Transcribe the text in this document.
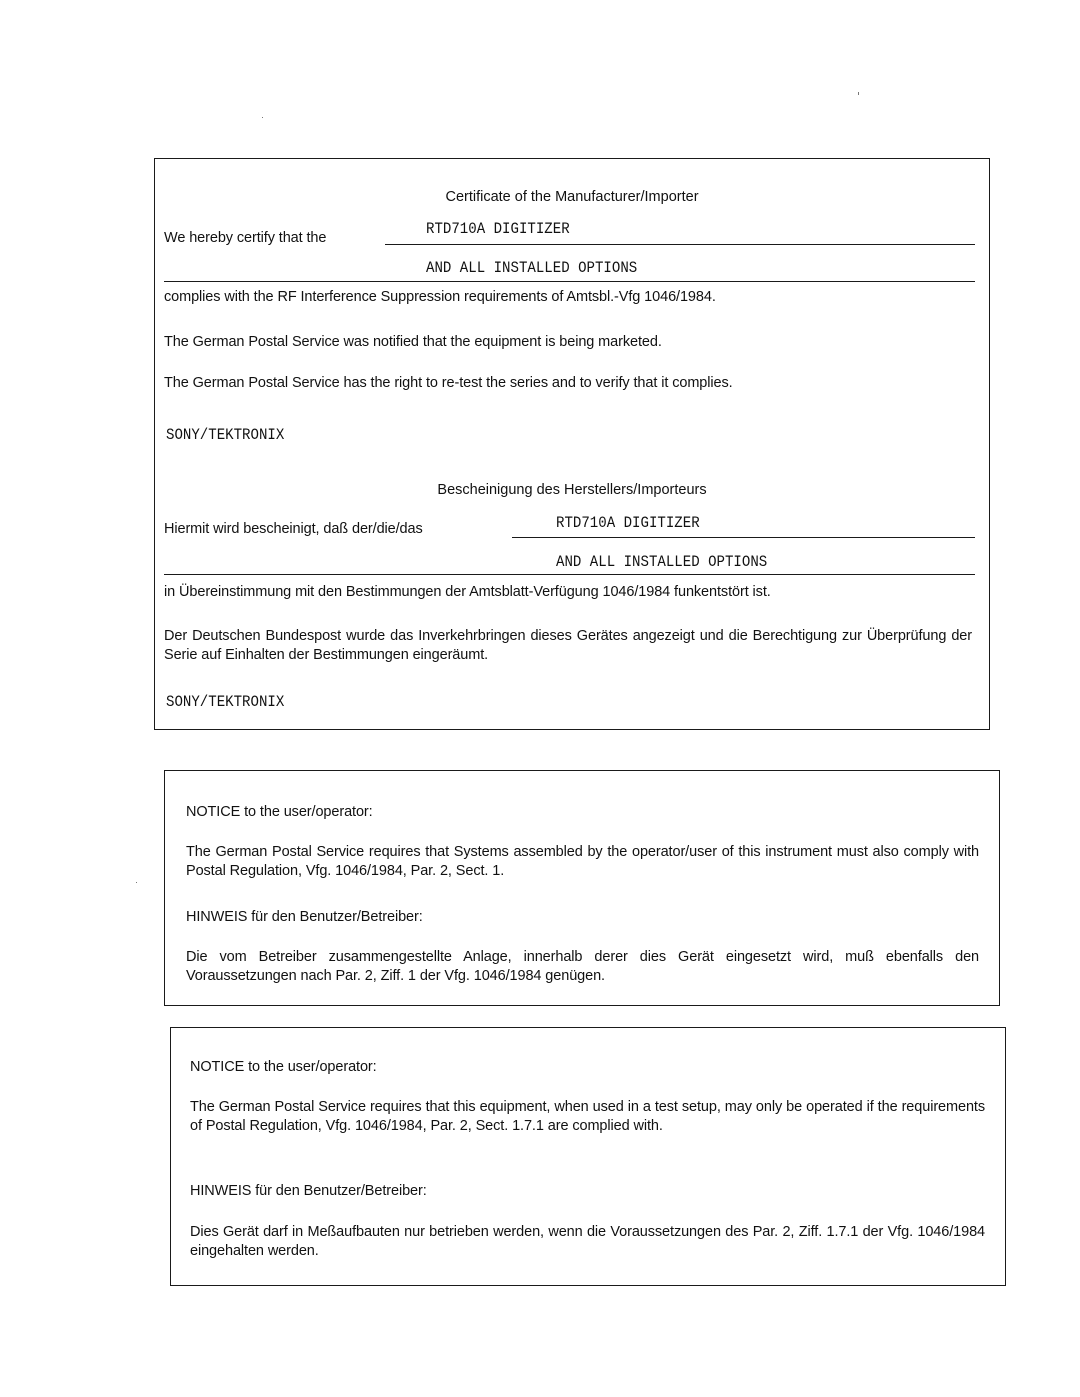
Certificate of the Manufacturer/Importer
We hereby certify that the	RTD710A DIGITIZER
AND ALL INSTALLED OPTIONS
complies with the RF Interference Suppression requirements of Amtsbl.-Vfg 1046/1984.
The German Postal Service was notified that the equipment is being marketed.
The German Postal Service has the right to re-test the series and to verify that it complies.
SONY/TEKTRONIX
Bescheinigung des Herstellers/Importeurs
Hiermit wird bescheinigt, daß der/die/das	RTD710A DIGITIZER
AND ALL INSTALLED OPTIONS
in Übereinstimmung mit den Bestimmungen der Amtsblatt-Verfügung 1046/1984 funkentstört ist.
Der Deutschen Bundespost wurde das Inverkehrbringen dieses Gerätes angezeigt und die Berechtigung zur Überprüfung der Serie auf Einhalten der Bestimmungen eingeräumt.
SONY/TEKTRONIX
NOTICE to the user/operator:
The German Postal Service requires that Systems assembled by the operator/user of this instrument must also comply with Postal Regulation, Vfg. 1046/1984, Par. 2, Sect. 1.
HINWEIS für den Benutzer/Betreiber:
Die vom Betreiber zusammengestellte Anlage, innerhalb derer dies Gerät eingesetzt wird, muß ebenfalls den Voraussetzungen nach Par. 2, Ziff. 1 der Vfg. 1046/1984 genügen.
NOTICE to the user/operator:
The German Postal Service requires that this equipment, when used in a test setup, may only be operated if the requirements of Postal Regulation, Vfg. 1046/1984, Par. 2, Sect. 1.7.1 are complied with.
HINWEIS für den Benutzer/Betreiber:
Dies Gerät darf in Meßaufbauten nur betrieben werden, wenn die Voraussetzungen des Par. 2, Ziff. 1.7.1 der Vfg. 1046/1984 eingehalten werden.
